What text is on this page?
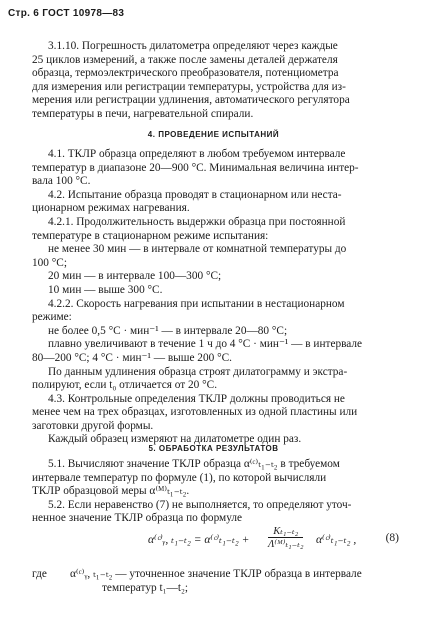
Стр. 6 ГОСТ 10978—83

3.1.10. Погрешность дилатометра определяют через каждые
25 циклов измерений, а также после замены деталей держателя
образца, термоэлектрического преобразователя, потенциометра
для измерения или регистрации температуры, устройства для из-
мерения или регистрации удлинения, автоматического регулятора
температуры в печи, нагревательной спирали.

4. ПРОВЕДЕНИЕ ИСПЫТАНИЙ

4.1. ТКЛР образца определяют в любом требуемом интервале
температур в диапазоне 20—900 °С. Минимальная величина интер-
вала 100 °С.
4.2. Испытание образца проводят в стационарном или неста-
ционарном режимах нагревания.
4.2.1. Продолжительность выдержки образца при постоянной
температуре в стационарном режиме испытания:
не менее 30 мин — в интервале от комнатной температуры до
100 °С;
20 мин — в интервале 100—300 °С;
10 мин — выше 300 °С.
4.2.2. Скорость нагревания при испытании в нестационарном
режиме:
не более 0,5 °С · мин⁻¹ — в интервале 20—80 °С;
плавно увеличивают в течение 1 ч до 4 °С · мин⁻¹ — в интервале
80—200 °С; 4 °С · мин⁻¹ — выше 200 °С.
По данным удлинения образца строят дилатограмму и экстра-
полируют, если t₀ отличается от 20 °С.
4.3. Контрольные определения ТКЛР должны проводиться не
менее чем на трех образцах, изготовленных из одной пластины или
заготовки другой формы.
Каждый образец измеряют на дилатометре один раз.

5. ОБРАБОТКА РЕЗУЛЬТАТОВ

5.1. Вычисляют значение ТКЛР образца α⁽ᶜ⁾ₜ₁₋ₜ₂ в требуемом
интервале температур по формуле (1), по которой вычисляли
ТКЛР образцовой меры α⁽ᴹ⁾ₜ₁₋ₜ₂.
5.2. Если неравенство (7) не выполняется, то определяют уточ-
ненное значение ТКЛР образца по формуле

α⁽ᶜ⁾ᵧ, ₜ₁₋ₜ₂ = α⁽ᶜ⁾ₜ₁₋ₜ₂ + $\frac{\text{Kₜ₁₋ₜ₂}}{\text{Λ⁽ᴹ⁾ₜ₁₋ₜ₂}}$ α⁽ᶜ⁾ₜ₁₋ₜ₂ ,	(8)
где α⁽ᶜ⁾ᵧ, ₜ₁₋ₜ₂ — уточненное значение ТКЛР образца в интервале
температур t₁—t₂;
